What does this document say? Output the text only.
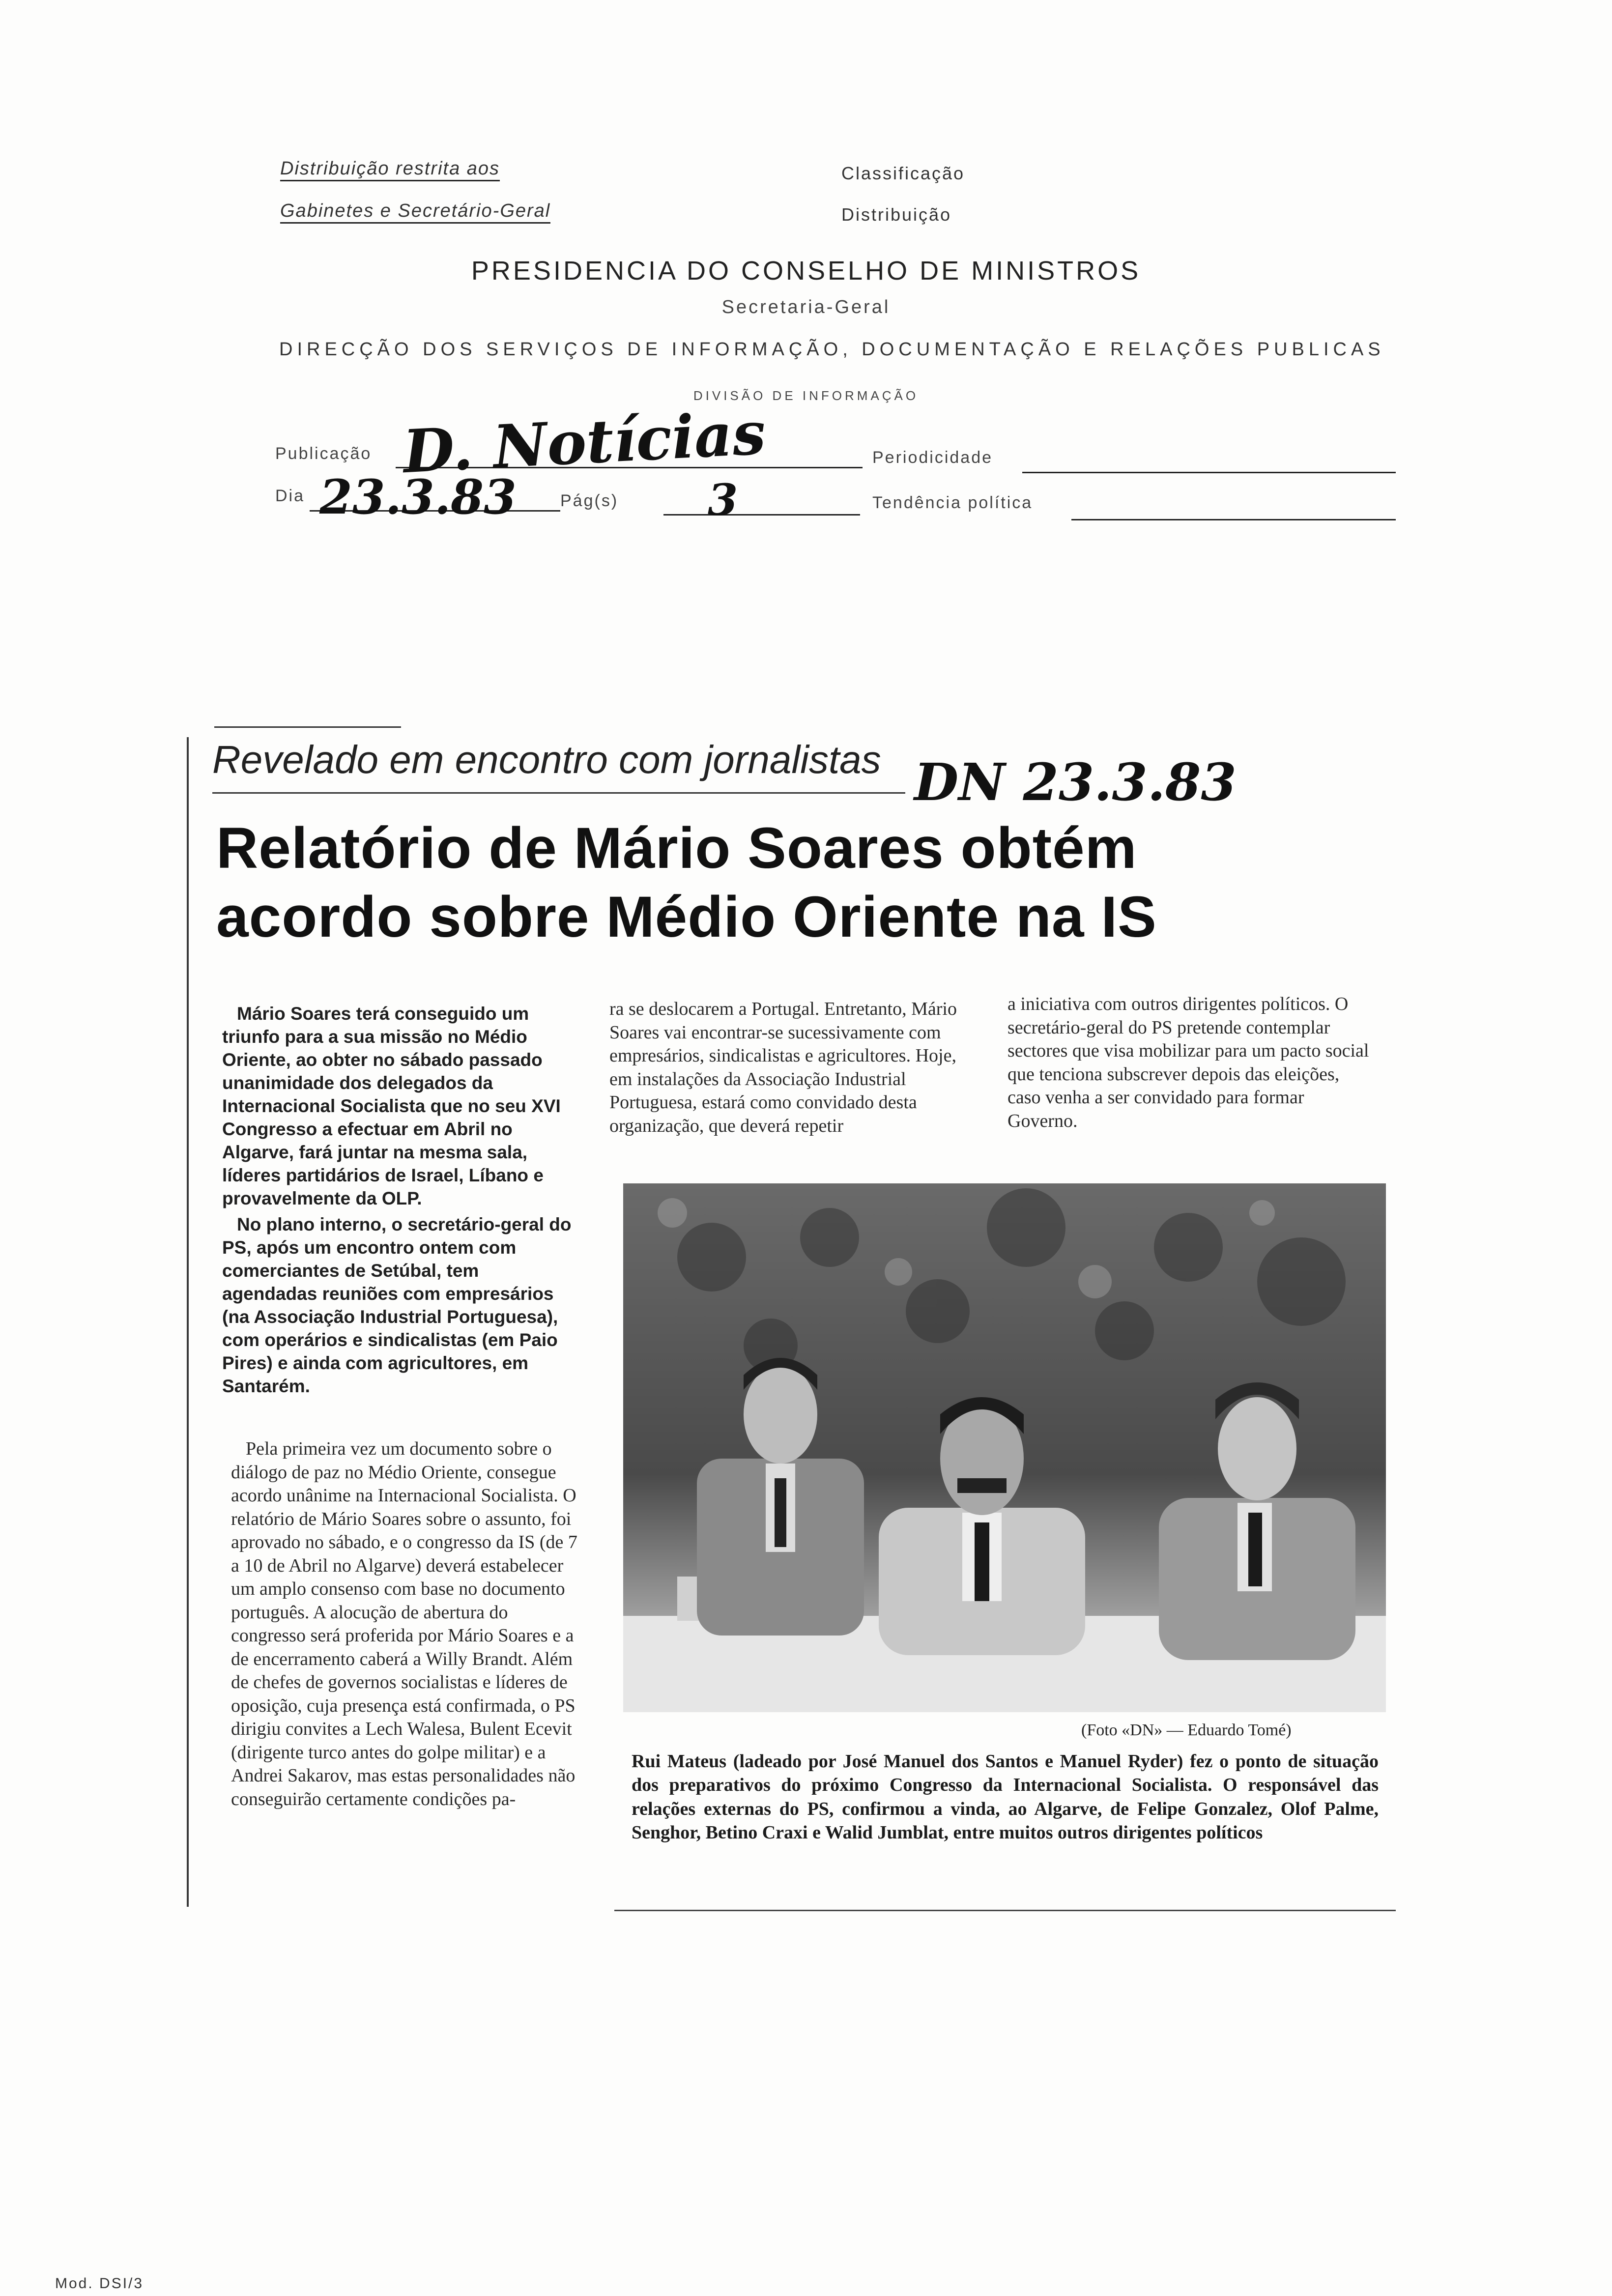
Distribuição restrita aos
Gabinetes e Secretário-Geral
Classificação
Distribuição
PRESIDENCIA DO CONSELHO DE MINISTROS
Secretaria-Geral
DIRECÇÃO DOS SERVIÇOS DE INFORMAÇÃO, DOCUMENTAÇÃO E RELAÇÕES PUBLICAS
DIVISÃO DE INFORMAÇÃO
Publicação D. Notícias	Periodicidade
Dia 23.3.83	Pág(s) 3	Tendência política
Revelado em encontro com jornalistas DN 23.3.83
Relatório de Mário Soares obtém
acordo sobre Médio Oriente na IS

Mário Soares terá conseguido um triunfo para a sua missão no Médio Oriente, ao obter no sábado passado unanimidade dos delegados da Internacional Socialista que no seu XVI Congresso a efectuar em Abril no Algarve, fará juntar na mesma sala, líderes partidários de Israel, Líbano e provavelmente da OLP.

No plano interno, o secretário-geral do PS, após um encontro ontem com comerciantes de Setúbal, tem agendadas reuniões com empresários (na Associação Industrial Portuguesa), com operários e sindicalistas (em Paio Pires) e ainda com agricultores, em Santarém.

Pela primeira vez um documento sobre o diálogo de paz no Médio Oriente, consegue acordo unânime na Internacional Socialista. O relatório de Mário Soares sobre o assunto, foi aprovado no sábado, e o congresso da IS (de 7 a 10 de Abril no Algarve) deverá estabelecer um amplo consenso com base no documento português. A alocução de abertura do congresso será proferida por Mário Soares e a de encerramento caberá a Willy Brandt. Além de chefes de governos socialistas e líderes de oposição, cuja presença está confirmada, o PS dirigiu convites a Lech Walesa, Bulent Ecevit (dirigente turco antes do golpe militar) e a Andrei Sakarov, mas estas personalidades não conseguirão certamente condições pa-

ra se deslocarem a Portugal. Entretanto, Mário Soares vai encontrar-se sucessivamente com empresários, sindicalistas e agricultores. Hoje, em instalações da Associação Industrial Portuguesa, estará como convidado desta organização, que deverá repetir

a iniciativa com outros dirigentes políticos. O secretário-geral do PS pretende contemplar sectores que visa mobilizar para um pacto social que tenciona subscrever depois das eleições, caso venha a ser convidado para formar Governo.

(Foto «DN» — Eduardo Tomé)
Rui Mateus (ladeado por José Manuel dos Santos e Manuel Ryder) fez o ponto de situação dos preparativos do próximo Congresso da Internacional Socialista. O responsável das relações externas do PS, confirmou a vinda, ao Algarve, de Felipe Gonzalez, Olof Palme, Senghor, Betino Craxi e Walid Jumblat, entre muitos outros dirigentes políticos
Mod. DSI/3
